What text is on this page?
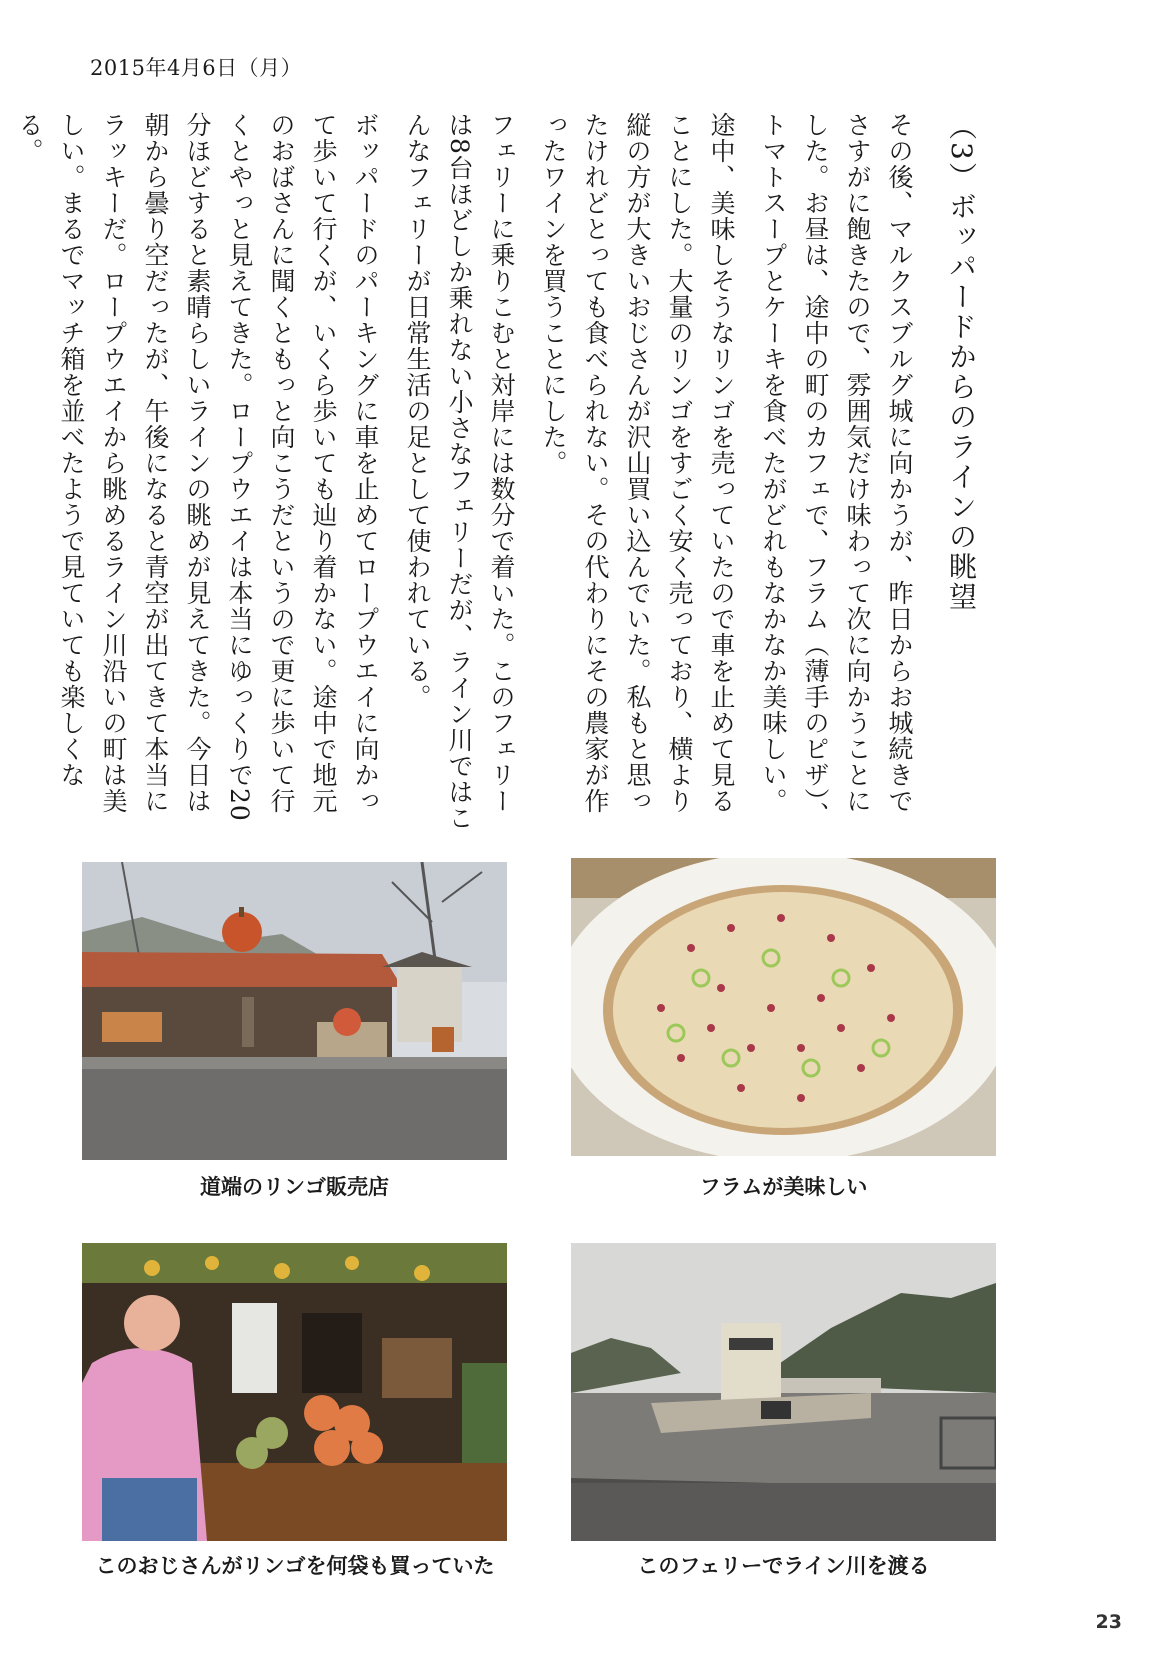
2015年4月6日（月）
（3）ボッパードからのラインの眺望

その後、マルクスブルグ城に向かうが、昨日からお城続きでさすがに飽きたので、雰囲気だけ味わって次に向かうことにした。お昼は、途中の町のカフェで、フラム（薄手のピザ）、トマトスープとケーキを食べたがどれもなかなか美味しい。

途中、美味しそうなリンゴを売っていたので車を止めて見ることにした。大量のリンゴをすごく安く売っており、横より縦の方が大きいおじさんが沢山買い込んでいた。私もと思ったけれどとっても食べられない。その代わりにその農家が作ったワインを買うことにした。

フェリーに乗りこむと対岸には数分で着いた。このフェリーは8台ほどしか乗れない小さなフェリーだが、ライン川ではこんなフェリーが日常生活の足として使われている。

ボッパードのパーキングに車を止めてロープウエイに向かって歩いて行くが、いくら歩いても辿り着かない。途中で地元のおばさんに聞くともっと向こうだというので更に歩いて行くとやっと見えてきた。ロープウエイは本当にゆっくりで20分ほどすると素晴らしいラインの眺めが見えてきた。今日は朝から曇り空だったが、午後になると青空が出てきて本当にラッキーだ。ロープウエイから眺めるライン川沿いの町は美しい。まるでマッチ箱を並べたようで見ていても楽しくなる。

道端のリンゴ販売店	フラムが美味しい
このおじさんがリンゴを何袋も買っていた	このフェリーでライン川を渡る
23
